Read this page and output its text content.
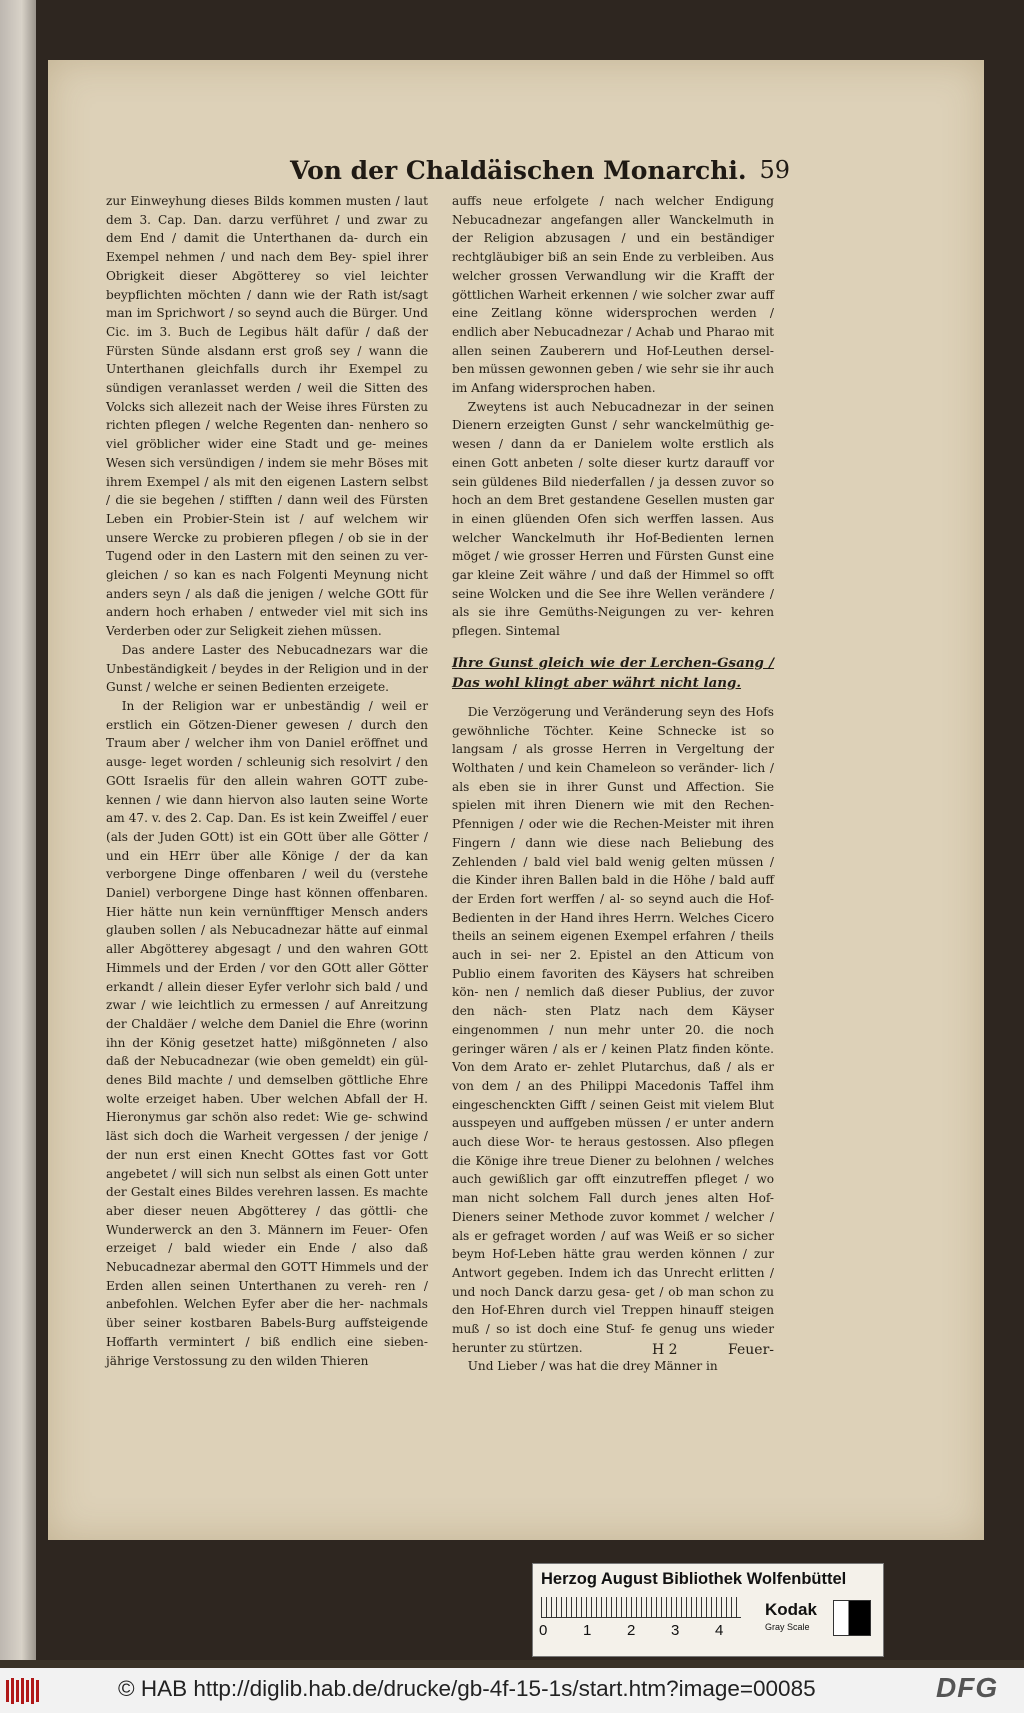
Von der Chaldäischen Monarchi. 59

zur Einweyhung dieses Bilds kommen musten / laut dem 3. Cap. Dan. darzu verführet / und zwar zu dem End / damit die Unterthanen da- durch ein Exempel nehmen / und nach dem Bey- spiel ihrer Obrigkeit dieser Abgötterey so viel leichter beypflichten möchten / dann wie der Rath ist/sagt man im Sprichwort / so seynd auch die Bürger. Und Cic. im 3. Buch de Legibus hält dafür / daß der Fürsten Sünde alsdann erst groß sey / wann die Unterthanen gleichfalls durch ihr Exempel zu sündigen veranlasset werden / weil die Sitten des Volcks sich allezeit nach der Weise ihres Fürsten zu richten pflegen / welche Regenten dan- nenhero so viel gröblicher wider eine Stadt und ge- meines Wesen sich versündigen / indem sie mehr Böses mit ihrem Exempel / als mit den eigenen Lastern selbst / die sie begehen / stifften / dann weil des Fürsten Leben ein Probier-Stein ist / auf welchem wir unsere Wercke zu probieren pflegen / ob sie in der Tugend oder in den Lastern mit den seinen zu ver- gleichen / so kan es nach Folgenti Meynung nicht anders seyn / als daß die jenigen / welche GOtt für andern hoch erhaben / entweder viel mit sich ins Verderben oder zur Seligkeit ziehen müssen.

Das andere Laster des Nebucadnezars war die Unbeständigkeit / beydes in der Religion und in der Gunst / welche er seinen Bedienten erzeigete.

In der Religion war er unbeständig / weil er erstlich ein Götzen-Diener gewesen / durch den Traum aber / welcher ihm von Daniel eröffnet und ausge- leget worden / schleunig sich resolvirt / den GOtt Israelis für den allein wahren GOTT zube- kennen / wie dann hiervon also lauten seine Worte am 47. v. des 2. Cap. Dan. Es ist kein Zweiffel / euer (als der Juden GOtt) ist ein GOtt über alle Götter / und ein HErr über alle Könige / der da kan verborgene Dinge offenbaren / weil du (verstehe Daniel) verborgene Dinge hast können offenbaren. Hier hätte nun kein vernünfftiger Mensch anders glauben sollen / als Nebucadnezar hätte auf einmal aller Abgötterey abgesagt / und den wahren GOtt Himmels und der Erden / vor den GOtt aller Götter erkandt / allein dieser Eyfer verlohr sich bald / und zwar / wie leichtlich zu ermessen / auf Anreitzung der Chaldäer / welche dem Daniel die Ehre (worinn ihn der König gesetzet hatte) mißgönneten / also daß der Nebucadnezar (wie oben gemeldt) ein gül- denes Bild machte / und demselben göttliche Ehre wolte erzeiget haben. Uber welchen Abfall der H. Hieronymus gar schön also redet: Wie ge- schwind läst sich doch die Warheit vergessen / der jenige / der nun erst einen Knecht GOttes fast vor Gott angebetet / will sich nun selbst als einen Gott unter der Gestalt eines Bildes verehren lassen. Es machte aber dieser neuen Abgötterey / das göttli- che Wunderwerck an den 3. Männern im Feuer- Ofen erzeiget / bald wieder ein Ende / also daß Nebucadnezar abermal den GOTT Himmels und der Erden allen seinen Unterthanen zu vereh- ren / anbefohlen. Welchen Eyfer aber die her- nachmals über seiner kostbaren Babels-Burg auffsteigende Hoffarth vermintert / biß endlich eine sieben-jährige Verstossung zu den wilden Thieren

auffs neue erfolgete / nach welcher Endigung Nebucadnezar angefangen aller Wanckelmuth in der Religion abzusagen / und ein beständiger rechtgläubiger biß an sein Ende zu verbleiben. Aus welcher grossen Verwandlung wir die Krafft der göttlichen Warheit erkennen / wie solcher zwar auff eine Zeitlang könne widersprochen werden / endlich aber Nebucadnezar / Achab und Pharao mit allen seinen Zauberern und Hof-Leuthen dersel- ben müssen gewonnen geben / wie sehr sie ihr auch im Anfang widersprochen haben.

Zweytens ist auch Nebucadnezar in der seinen Dienern erzeigten Gunst / sehr wanckelmüthig ge- wesen / dann da er Danielem wolte erstlich als einen Gott anbeten / solte dieser kurtz darauff vor sein güldenes Bild niederfallen / ja dessen zuvor so hoch an dem Bret gestandene Gesellen musten gar in einen glüenden Ofen sich werffen lassen. Aus welcher Wanckelmuth ihr Hof-Bedienten lernen möget / wie grosser Herren und Fürsten Gunst eine gar kleine Zeit währe / und daß der Himmel so offt seine Wolcken und die See ihre Wellen verändere / als sie ihre Gemüths-Neigungen zu ver- kehren pflegen. Sintemal

Ihre Gunst gleich wie der Lerchen-Gsang / Das wohl klingt aber währt nicht lang.

Die Verzögerung und Veränderung seyn des Hofs gewöhnliche Töchter. Keine Schnecke ist so langsam / als grosse Herren in Vergeltung der Wolthaten / und kein Chameleon so veränder- lich / als eben sie in ihrer Gunst und Affection. Sie spielen mit ihren Dienern wie mit den Rechen- Pfennigen / oder wie die Rechen-Meister mit ihren Fingern / dann wie diese nach Beliebung des Zehlenden / bald viel bald wenig gelten müssen / die Kinder ihren Ballen bald in die Höhe / bald auff der Erden fort werffen / al- so seynd auch die Hof-Bedienten in der Hand ihres Herrn. Welches Cicero theils an seinem eigenen Exempel erfahren / theils auch in sei- ner 2. Epistel an den Atticum von Publio einem favoriten des Käysers hat schreiben kön- nen / nemlich daß dieser Publius, der zuvor den näch- sten Platz nach dem Käyser eingenommen / nun mehr unter 20. die noch geringer wären / als er / keinen Platz finden könte. Von dem Arato er- zehlet Plutarchus, daß / als er von dem / an des Philippi Macedonis Taffel ihm eingeschenckten Gifft / seinen Geist mit vielem Blut ausspeyen und auffgeben müssen / er unter andern auch diese Wor- te heraus gestossen. Also pflegen die Könige ihre treue Diener zu belohnen / welches auch gewißlich gar offt einzutreffen pfleget / wo man nicht solchem Fall durch jenes alten Hof-Dieners seiner Methode zuvor kommet / welcher / als er gefraget worden / auf was Weiß er so sicher beym Hof-Leben hätte grau werden können / zur Antwort gegeben. Indem ich das Unrecht erlitten / und noch Danck darzu gesa- get / ob man schon zu den Hof-Ehren durch viel Treppen hinauff steigen muß / so ist doch eine Stuf- fe genug uns wieder herunter zu stürtzen.

Und Lieber / was hat die drey Männer in

H 2	Feuer-
Herzog August Bibliothek Wolfenbüttel
0 1 2 3 4
Kodak
Gray Scale
© HAB http://diglib.hab.de/drucke/gb-4f-15-1s/start.htm?image=00085	DFG
